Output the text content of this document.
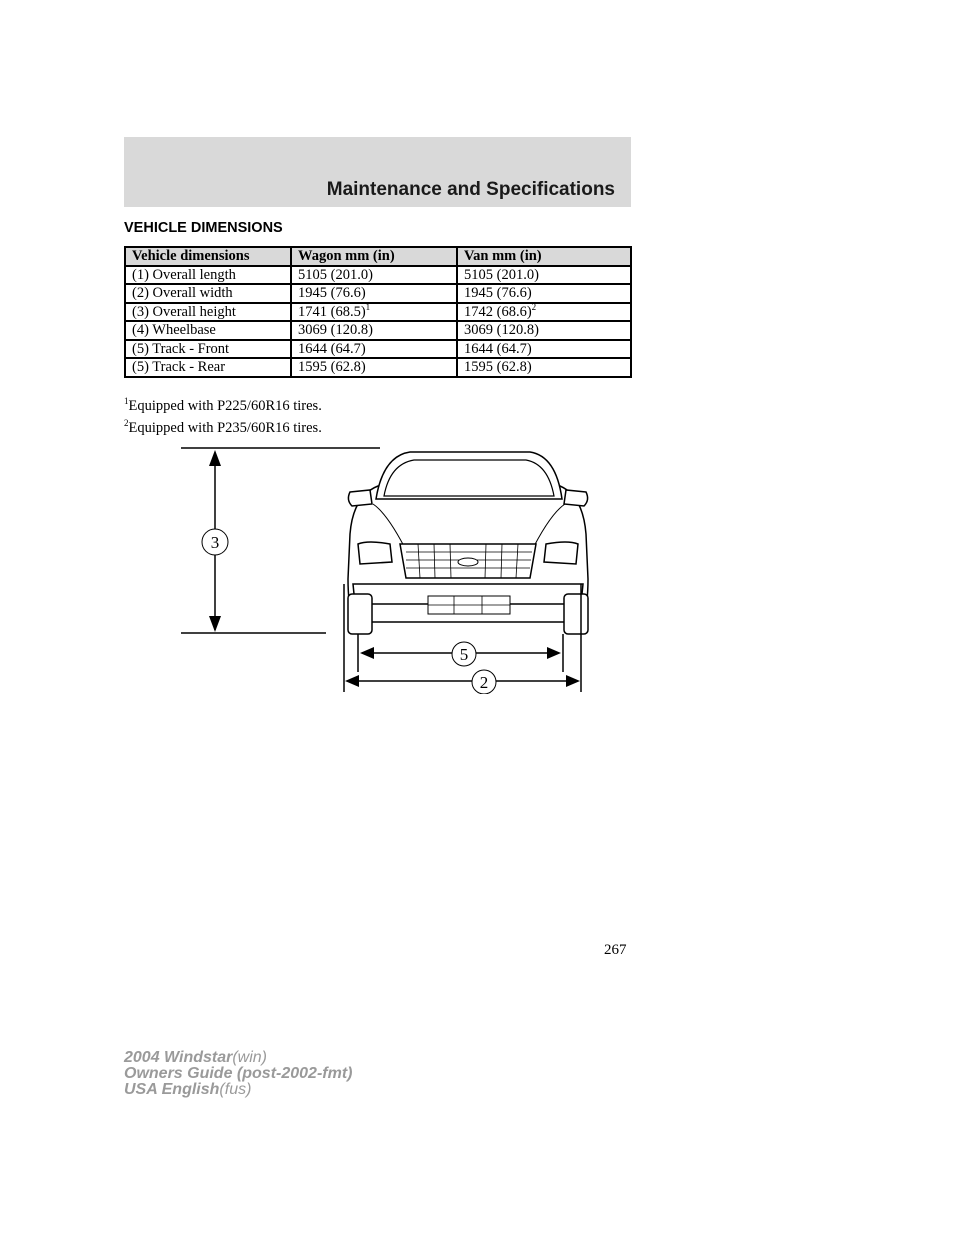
Maintenance and Specifications
VEHICLE DIMENSIONS
Vehicle dimensions	Wagon mm (in)	Van mm (in)
(1) Overall length	5105 (201.0)	5105 (201.0)
(2) Overall width	1945 (76.6)	1945 (76.6)
(3) Overall height	1741 $(68.5)^1$	1742 $(68.6)^2$
(4) Wheelbase	3069 (120.8)	3069 (120.8)
(5) Track - Front	1644 (64.7)	1644 (64.7)
(5) Track - Rear	1595 (62.8)	1595 (62.8)
$^1$Equipped with P225/60R16 tires.
$^2$Equipped with P235/60R16 tires.
3
5
2
267
2004 Windstar(win)
Owners Guide (post-2002-fmt)
USA English(fus)
